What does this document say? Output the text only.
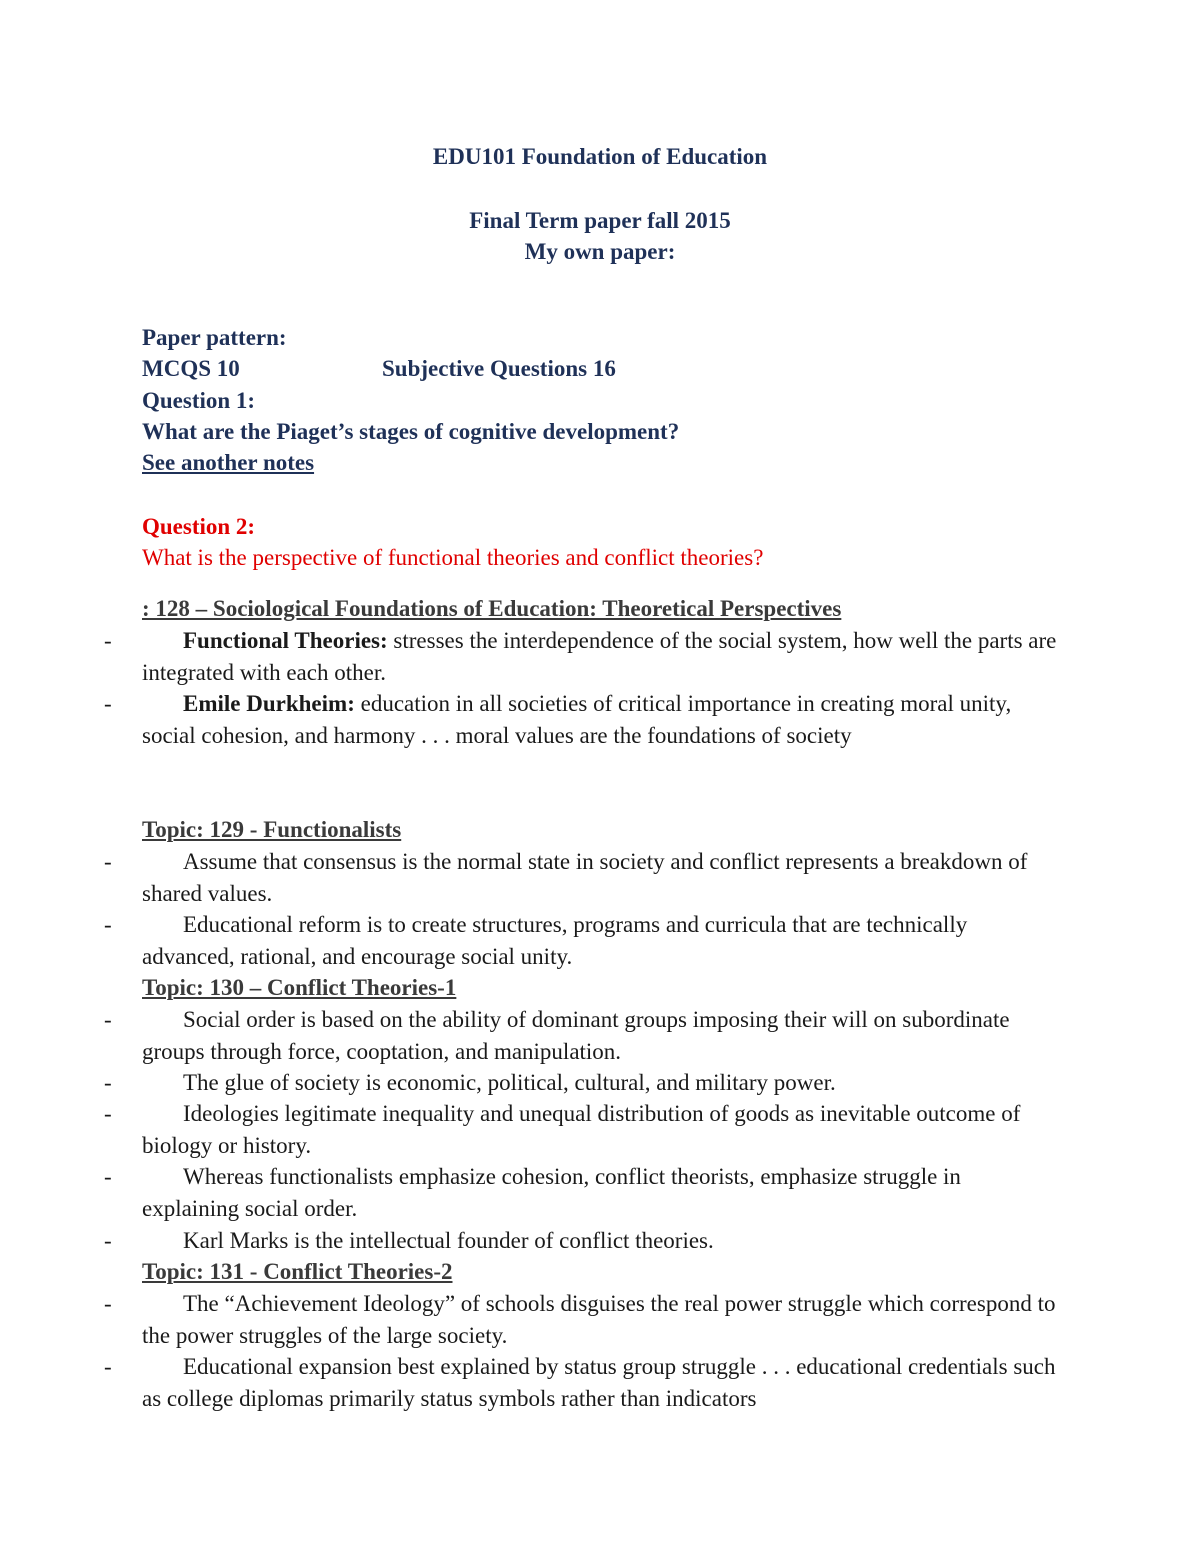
EDU101 Foundation of Education
Final Term paper fall 2015
My own paper:
Paper pattern:
MCQS 10	Subjective Questions 16
Question 1:
What are the Piaget’s stages of cognitive development?
See another notes
Question 2:
What is the perspective of functional theories and conflict theories?
: 128 – Sociological Foundations of Education: Theoretical Perspectives
-	Functional Theories: stresses the interdependence of the social system, how well the parts are integrated with each other.
-	Emile Durkheim: education in all societies of critical importance in creating moral unity, social cohesion, and harmony . . . moral values are the foundations of society
Topic: 129 - Functionalists
-	Assume that consensus is the normal state in society and conflict represents a breakdown of shared values.
-	Educational reform is to create structures, programs and curricula that are technically advanced, rational, and encourage social unity.
Topic: 130 – Conflict Theories-1
-	Social order is based on the ability of dominant groups imposing their will on subordinate groups through force, cooptation, and manipulation.
-	The glue of society is economic, political, cultural, and military power.
-	Ideologies legitimate inequality and unequal distribution of goods as inevitable outcome of biology or history.
-	Whereas functionalists emphasize cohesion, conflict theorists, emphasize struggle in explaining social order.
-	Karl Marks is the intellectual founder of conflict theories.
Topic: 131 - Conflict Theories-2
-	The “Achievement Ideology” of schools disguises the real power struggle which correspond to the power struggles of the large society.
-	Educational expansion best explained by status group struggle . . . educational credentials such as college diplomas primarily status symbols rather than indicators
